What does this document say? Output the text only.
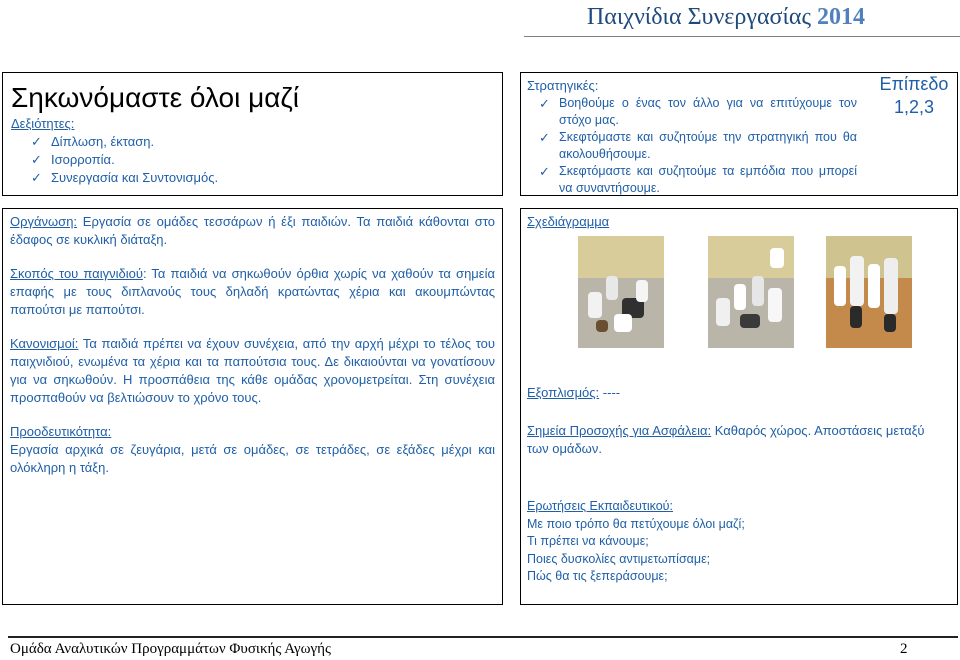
Παιχνίδια Συνεργασίας 2014
Σηκωνόμαστε όλοι μαζί
Δεξιότητες:
✓ Δίπλωση, έκταση.
✓ Ισορροπία.
✓ Συνεργασία και Συντονισμός.
Στρατηγικές:
✓ Βοηθούμε ο ένας τον άλλο για να επιτύχουμε τον στόχο μας.
✓ Σκεφτόμαστε και συζητούμε την στρατηγική που θα ακολουθήσουμε.
✓ Σκεφτόμαστε και συζητούμε τα εμπόδια που μπορεί να συναντήσουμε.
Επίπεδο
1,2,3
Οργάνωση: Εργασία σε ομάδες τεσσάρων ή έξι παιδιών. Τα παιδιά κάθονται στο έδαφος σε κυκλική διάταξη.
Σκοπός του παιγνιδιού: Τα παιδιά να σηκωθούν όρθια χωρίς να χαθούν τα σημεία επαφής με τους διπλανούς τους δηλαδή κρατώντας χέρια και ακουμπώντας παπούτσι με παπούτσι.
Κανονισμοί: Τα παιδιά πρέπει να έχουν συνέχεια, από την αρχή μέχρι το τέλος του παιχνιδιού, ενωμένα τα χέρια και τα παπούτσια τους. Δε δικαιούνται να γονατίσουν για να σηκωθούν. Η προσπάθεια της κάθε ομάδας χρονομετρείται. Στη συνέχεια προσπαθούν να βελτιώσουν το χρόνο τους.
Προοδευτικότητα:
Εργασία αρχικά σε ζευγάρια, μετά σε ομάδες, σε τετράδες, σε εξάδες μέχρι και ολόκληρη η τάξη.
Σχεδιάγραμμα
Εξοπλισμός: ----
Σημεία Προσοχής για Ασφάλεια: Καθαρός χώρος. Αποστάσεις μεταξύ των ομάδων.
Ερωτήσεις Εκπαιδευτικού:
Με ποιο τρόπο θα πετύχουμε όλοι μαζί;
Τι πρέπει να κάνουμε;
Ποιες δυσκολίες αντιμετωπίσαμε;
Πώς θα τις ξεπεράσουμε;
Ομάδα Αναλυτικών Προγραμμάτων Φυσικής Αγωγής	2
